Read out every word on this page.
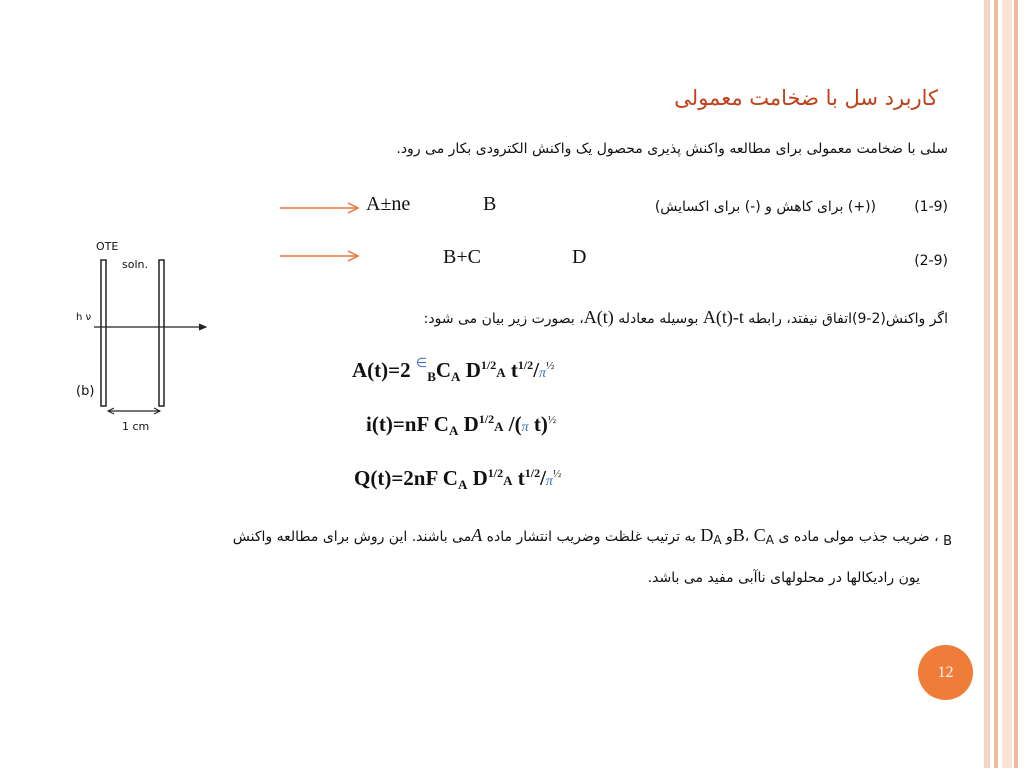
کاربرد سل با ضخامت معمولی
سلی با ضخامت معمولی برای مطالعه واکنش پذیری محصول یک واکنش الکترودی بکار می رود.
A±ne	B	((+) برای کاهش و (-) برای اکسایش)	(1-9)
B+C	D	(2-9)
اگر واکنش(2-9)اتفاق نیفتد، رابطه A(t)-t بوسیله معادله A(t)، بصورت زیر بیان می شود:
A(t)=2 $^\in_BC_A$ $D^{1/2}A$ $t^{1/2}/\pi^{\frac{1}{2}}$
i(t)=nF $C_A$ $D^{1/2}A$ /(π t)$^{\frac{1}{2}}$
Q(t)=2nF $C_A$ $D^{1/2}A$ $t^{1/2}/\pi^{\frac{1}{2}}$
B ، ضریب جذب مولی ماده ی B، CAو DA به ترتیب غلظت وضریب انتشار ماده Aمی باشند. این روش برای مطالعه واکنش
یون رادیکالها در محلولهای ناآبی مفید می باشد.
OTE
soln.
h ν
(b)
1 cm
12
